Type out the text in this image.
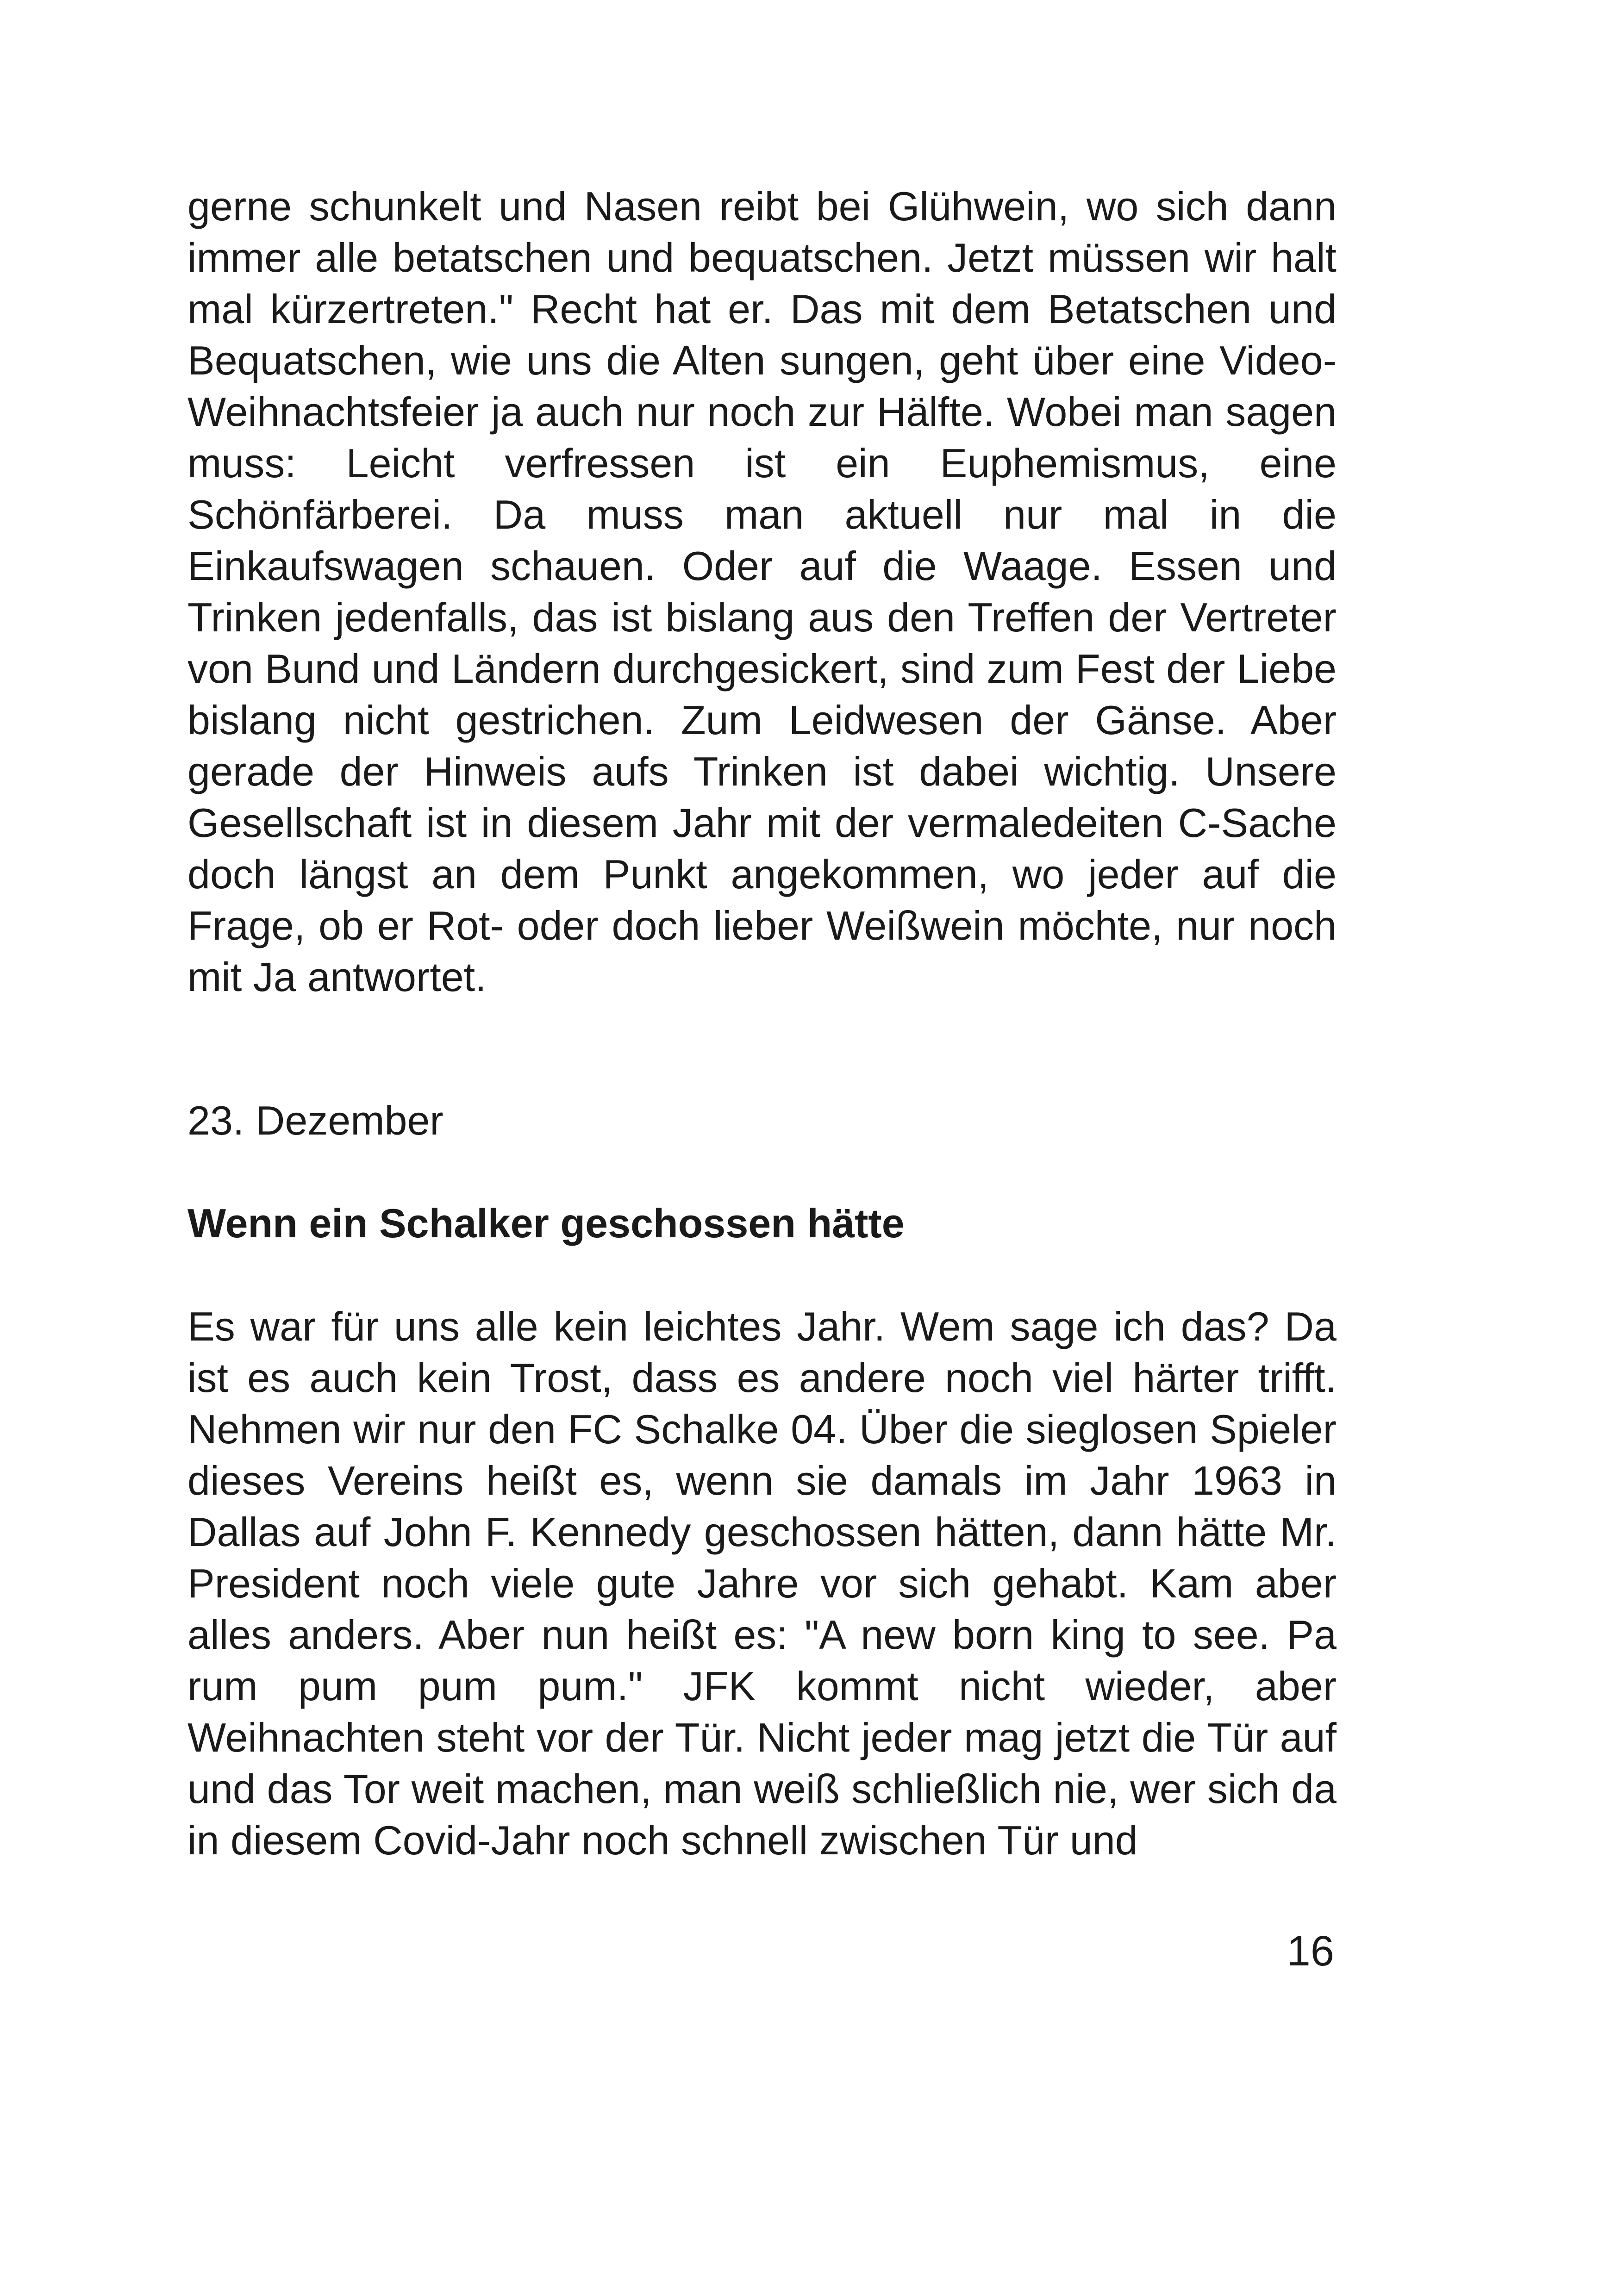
gerne schunkelt und Nasen reibt bei Glühwein, wo sich dann immer alle betatschen und bequatschen. Jetzt müssen wir halt mal kürzertreten." Recht hat er. Das mit dem Betatschen und Bequatschen, wie uns die Alten sungen, geht über eine Video-Weihnachtsfeier ja auch nur noch zur Hälfte. Wobei man sagen muss: Leicht verfressen ist ein Euphemismus, eine Schönfärberei. Da muss man aktuell nur mal in die Einkaufswagen schauen. Oder auf die Waage. Essen und Trinken jedenfalls, das ist bislang aus den Treffen der Vertreter von Bund und Ländern durchgesickert, sind zum Fest der Liebe bislang nicht gestrichen. Zum Leidwesen der Gänse. Aber gerade der Hinweis aufs Trinken ist dabei wichtig. Unsere Gesellschaft ist in diesem Jahr mit der vermaledeiten C-Sache doch längst an dem Punkt angekommen, wo jeder auf die Frage, ob er Rot- oder doch lieber Weißwein möchte, nur noch mit Ja antwortet.

23. Dezember
Wenn ein Schalker geschossen hätte

Es war für uns alle kein leichtes Jahr. Wem sage ich das? Da ist es auch kein Trost, dass es andere noch viel härter trifft. Nehmen wir nur den FC Schalke 04. Über die sieglosen Spieler dieses Vereins heißt es, wenn sie damals im Jahr 1963 in Dallas auf John F. Kennedy geschossen hätten, dann hätte Mr. President noch viele gute Jahre vor sich gehabt. Kam aber alles anders. Aber nun heißt es: "A new born king to see. Pa rum pum pum pum." JFK kommt nicht wieder, aber Weihnachten steht vor der Tür. Nicht jeder mag jetzt die Tür auf und das Tor weit machen, man weiß schließlich nie, wer sich da in diesem Covid-Jahr noch schnell zwischen Tür und

16
